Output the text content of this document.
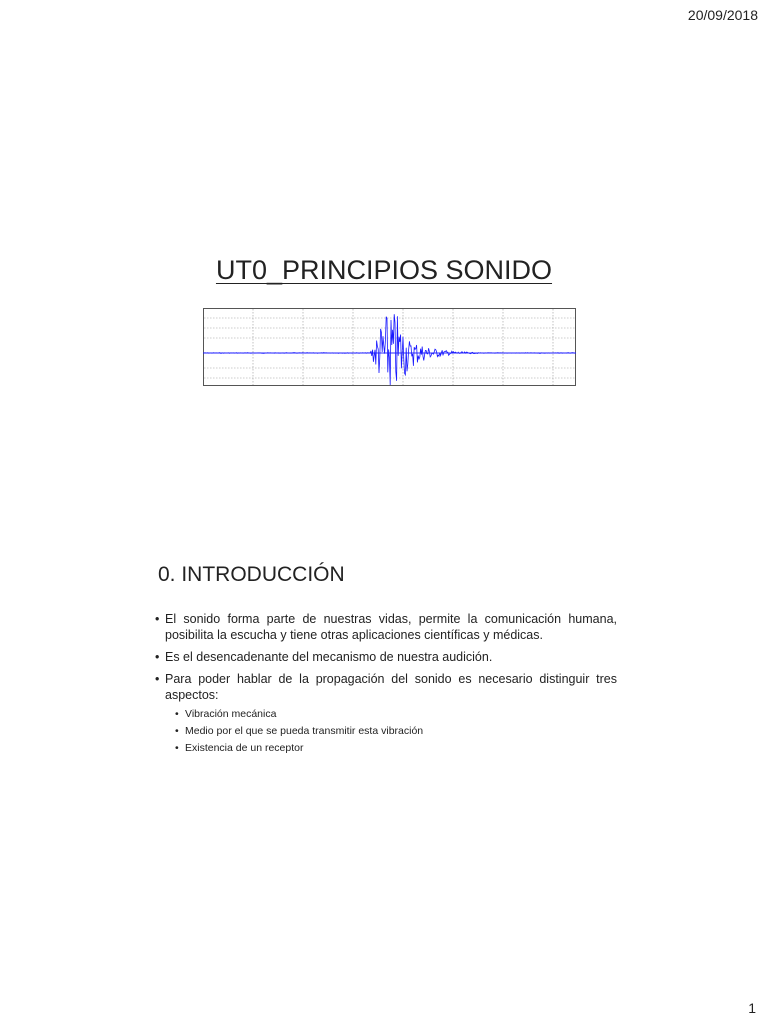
20/09/2018
UT0_PRINCIPIOS SONIDO
0. INTRODUCCIÓN
• El sonido forma parte de nuestras vidas, permite la comunicación humana, posibilita la escucha y tiene otras aplicaciones científicas y médicas.
• Es el desencadenante del mecanismo de nuestra audición.
• Para poder hablar de la propagación del sonido es necesario distinguir tres aspectos:
• Vibración mecánica
• Medio por el que se pueda transmitir esta vibración
• Existencia de un receptor
1
